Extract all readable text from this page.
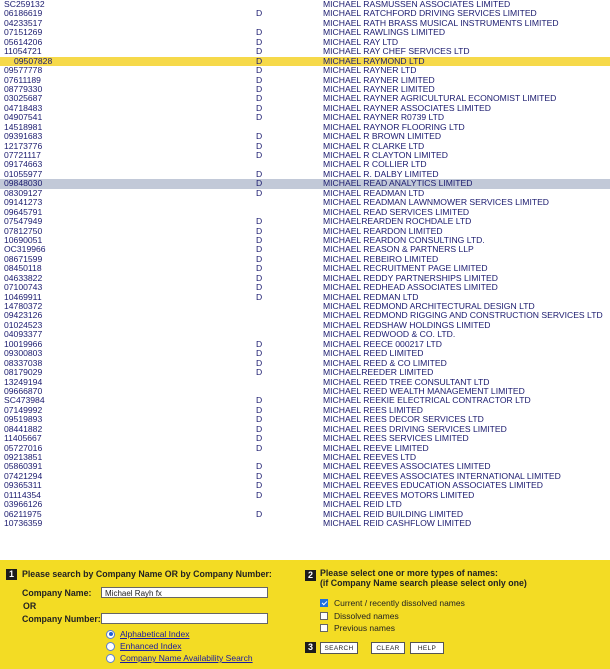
SC259132	MICHAEL RASMUSSEN ASSOCIATES LIMITED
06186619	D	MICHAEL RATCHFORD DRIVING SERVICES LIMITED
04233517	MICHAEL RATH BRASS MUSICAL INSTRUMENTS LIMITED
07151269	D	MICHAEL RAWLINGS LIMITED
05614206	D	MICHAEL RAY LTD
11054721	D	MICHAEL RAY CHEF SERVICES LTD
09507828	D	MICHAEL RAYMOND LTD
09577778	D	MICHAEL RAYNER LTD
07611189	D	MICHAEL RAYNER LIMITED
08779330	D	MICHAEL RAYNER LIMITED
03025687	D	MICHAEL RAYNER AGRICULTURAL ECONOMIST LIMITED
04718483	D	MICHAEL RAYNER ASSOCIATES LIMITED
04907541	D	MICHAEL RAYNER R0739 LTD
14518981	MICHAEL RAYNOR FLOORING LTD
09391683	D	MICHAEL R BROWN LIMITED
12173776	D	MICHAEL R CLARKE LTD
07721117	D	MICHAEL R CLAYTON LIMITED
09174663	MICHAEL R COLLIER LTD
01055977	D	MICHAEL R. DALBY LIMITED
09848030	D	MICHAEL READ ANALYTICS LIMITED
08309127	D	MICHAEL READMAN LTD
09141273	MICHAEL READMAN LAWNMOWER SERVICES LIMITED
09645791	MICHAEL READ SERVICES LIMITED
07547949	D	MICHAELREARDEN ROCHDALE LTD
07812750	D	MICHAEL REARDON LIMITED
10690051	D	MICHAEL REARDON CONSULTING LTD.
OC319966	D	MICHAEL REASON & PARTNERS LLP
08671599	D	MICHAEL REBEIRO LIMITED
08450118	D	MICHAEL RECRUITMENT PAGE LIMITED
04633822	D	MICHAEL REDDY PARTNERSHIPS LIMITED
07100743	D	MICHAEL REDHEAD ASSOCIATES LIMITED
10469911	D	MICHAEL REDMAN LTD
14780372	MICHAEL REDMOND ARCHITECTURAL DESIGN LTD
09423126	MICHAEL REDMOND RIGGING AND CONSTRUCTION SERVICES LTD
01024523	MICHAEL REDSHAW HOLDINGS LIMITED
04093377	MICHAEL REDWOOD & CO. LTD.
10019966	D	MICHAEL REECE 000217 LTD
09300803	D	MICHAEL REED LIMITED
08337038	D	MICHAEL REED & CO LIMITED
08179029	D	MICHAELREEDER LIMITED
13249194	MICHAEL REED TREE CONSULTANT LTD
09666870	MICHAEL REED WEALTH MANAGEMENT LIMITED
SC473984	D	MICHAEL REEKIE ELECTRICAL CONTRACTOR LTD
07149992	D	MICHAEL REES LIMITED
09519893	D	MICHAEL REES DECOR SERVICES LTD
08441882	D	MICHAEL REES DRIVING SERVICES LIMITED
11405667	D	MICHAEL REES SERVICES LIMITED
05727016	D	MICHAEL REEVE LIMITED
09213851	MICHAEL REEVES LTD
05860391	D	MICHAEL REEVES ASSOCIATES LIMITED
07421294	D	MICHAEL REEVES ASSOCIATES INTERNATIONAL LIMITED
09365311	D	MICHAEL REEVES EDUCATION ASSOCIATES LIMITED
01114354	D	MICHAEL REEVES MOTORS LIMITED
03966126	MICHAEL REID LTD
06211975	D	MICHAEL REID BUILDING LIMITED
10736359	MICHAEL REID CASHFLOW LIMITED
1 Please search by Company Name OR by Company Number:
Company Name:	Michael Rayh fx
OR
Company Number:
Alphabetical Index
Enhanced Index
Company Name Availability Search
2 Please select one or more types of names:
(if Company Name search please select only one)
Current / recently dissolved names
Dissolved names
Previous names
3	SEARCH	CLEAR	HELP
